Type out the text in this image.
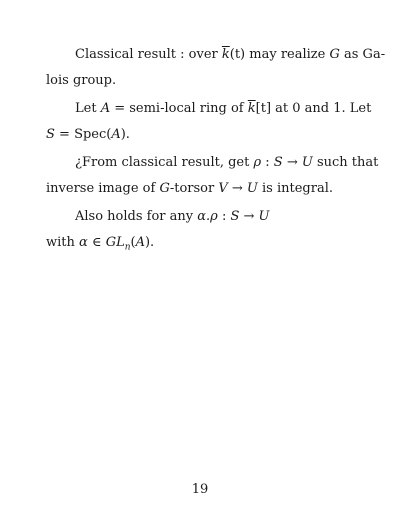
Classical result : over $\overline{k}(t)$ may realize G as Ga-
lois group.
Let A = semi-local ring of $\overline{k}[t]$ at 0 and 1. Let
S = Spec(A).
¿From classical result, get ρ : S → U such that
inverse image of G-torsor V → U is integral.
Also holds for any α.ρ : S → U
with α ∈ $GL_n(A)$.
19
